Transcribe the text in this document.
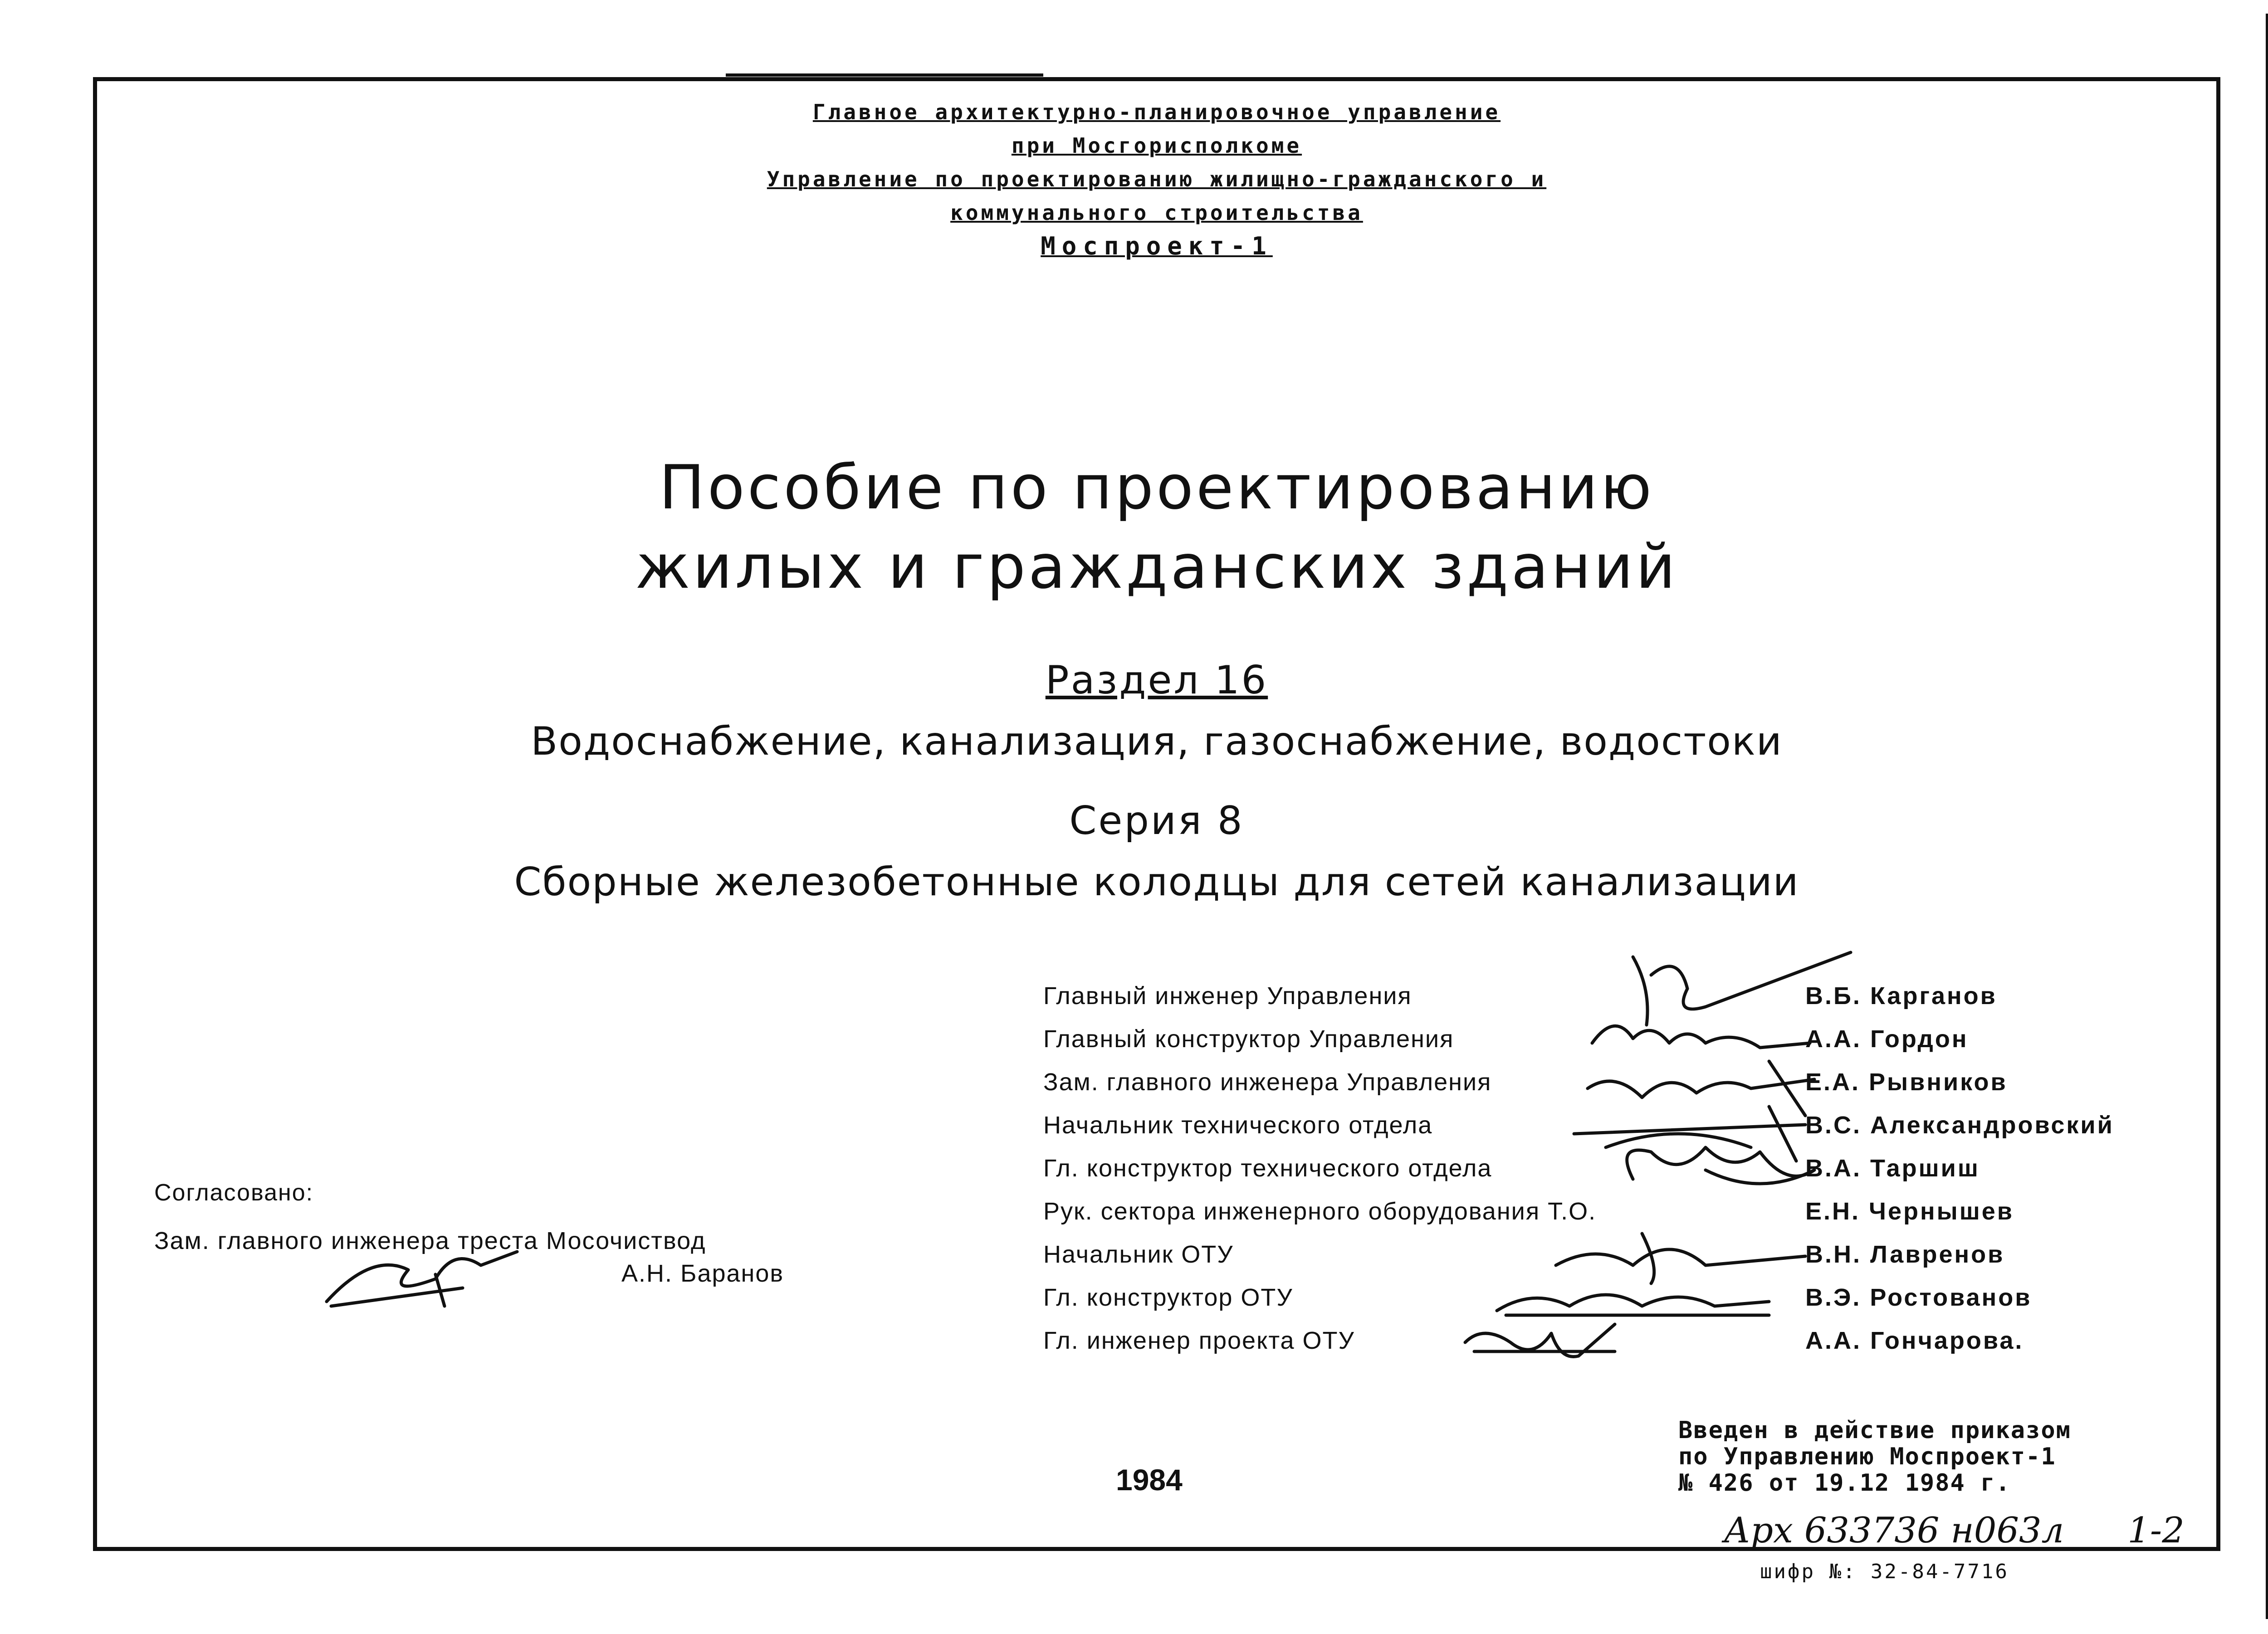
Главное архитектурно-планировочное управление
при Мосгорисполкоме
Управление по проектированию жилищно-гражданского и
коммунального строительства
Моспроект-1
Пособие по проектированию
жилых и гражданских зданий
Раздел 16
Водоснабжение, канализация, газоснабжение, водостоки
Серия 8
Сборные железобетонные колодцы для сетей канализации
Главный инженер Управления	В.Б. Карганов
Главный конструктор Управления	А.А. Гордон
Зам. главного инженера Управления	Е.А. Рывников
Начальник технического отдела	В.С. Александровский
Гл. конструктор технического отдела	В.А. Таршиш
Рук. сектора инженерного оборудования Т.О.	Е.Н. Чернышев
Начальник ОТУ	В.Н. Лавренов
Гл. конструктор ОТУ	В.Э. Ростованов
Гл. инженер проекта ОТУ	А.А. Гончарова.
Согласовано:
Зам. главного инженера треста Мосочиствод
А.Н. Баранов
1984
Введен в действие приказом
по Управлению Моспроект-1
№ 426 от 19.12 1984 г.
Арх 633736 н063л 1-2
шифр №: 32-84-7716
